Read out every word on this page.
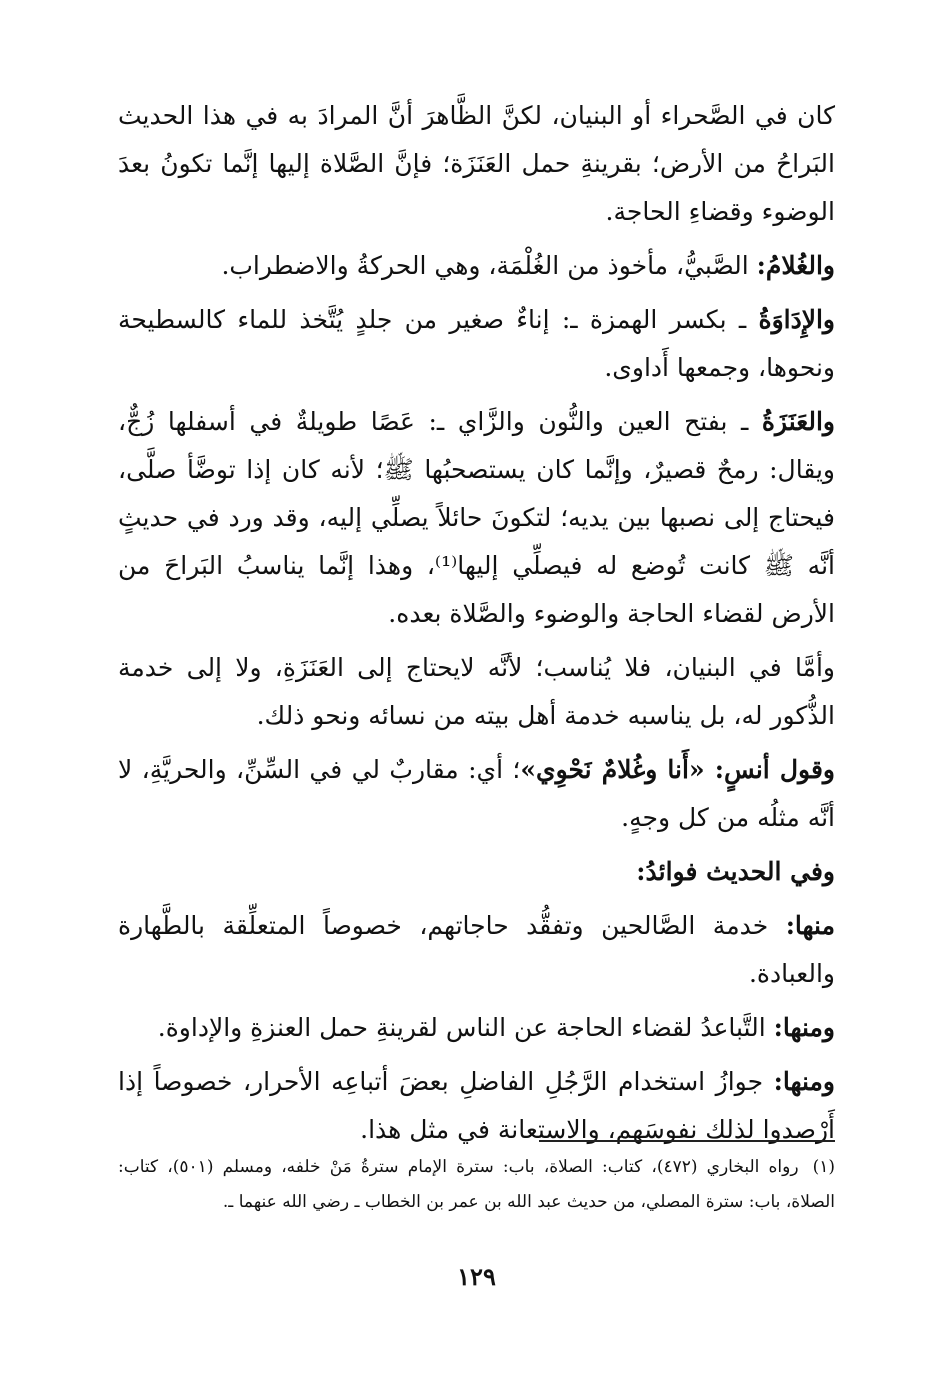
كان في الصَّحراء أو البنيان، لكنَّ الظَّاهرَ أنَّ المرادَ به في هذا الحديث البَراحُ من الأرض؛ بقرينةِ حمل العَنَزَة؛ فإنَّ الصَّلاة إليها إنَّما تكونُ بعدَ الوضوء وقضاءِ الحاجة.

والغُلامُ: الصَّبيُّ، مأخوذ من الغُلْمَة، وهي الحركةُ والاضطراب.

والإِدَاوَةُ ـ بكسر الهمزة ـ: إناءٌ صغير من جلدٍ يُتَّخذ للماء كالسطيحة ونحوها، وجمعها أَداوى.

والعَنَزَةُ ـ بفتح العين والنُّون والزَّاي ـ: عَصًا طويلةٌ في أسفلها زُجٌّ، ويقال: رمحٌ قصيرٌ، وإنَّما كان يستصحبُها ﷺ؛ لأنه كان إذا توضَّأ صلَّى، فيحتاج إلى نصبها بين يديه؛ لتكونَ حائلاً يصلِّي إليه، وقد ورد في حديثٍ أنَّه ﷺ كانت تُوضع له فيصلِّي إليها⁽¹⁾، وهذا إنَّما يناسبُ البَراحَ من الأرض لقضاء الحاجة والوضوء والصَّلاة بعده.

وأمَّا في البنيان، فلا يُناسب؛ لأنَّه لايحتاج إلى العَنَزَةِ، ولا إلى خدمة الذُّكور له، بل يناسبه خدمة أهل بيته من نسائه ونحو ذلك.

وقول أنسٍ: «أَنا وغُلامٌ نَحْوِي»؛ أي: مقاربٌ لي في السِّنِّ، والحريَّةِ، لا أنَّه مثلُه من كل وجهٍ.

وفي الحديث فوائدُ:

منها: خدمة الصَّالحين وتفقُّد حاجاتهم، خصوصاً المتعلِّقة بالطَّهارة والعبادة.

ومنها: التَّباعدُ لقضاء الحاجة عن الناس لقرينةِ حمل العنزةِ والإداوة.

ومنها: جوازُ استخدام الرَّجُلِ الفاضلِ بعضَ أتباعِه الأحرار، خصوصاً إذا أَرْصدوا لذلك نفوسَهم، والاستعانة في مثل هذا.

(١)رواه البخاري (٤٧٢)، كتاب: الصلاة، باب: سترة الإمام سترةُ مَنْ خلفه، ومسلم (٥٠١)، كتاب: الصلاة، باب: سترة المصلي، من حديث عبد الله بن عمر بن الخطاب ـ رضي الله عنهما ـ.

١٢٩
